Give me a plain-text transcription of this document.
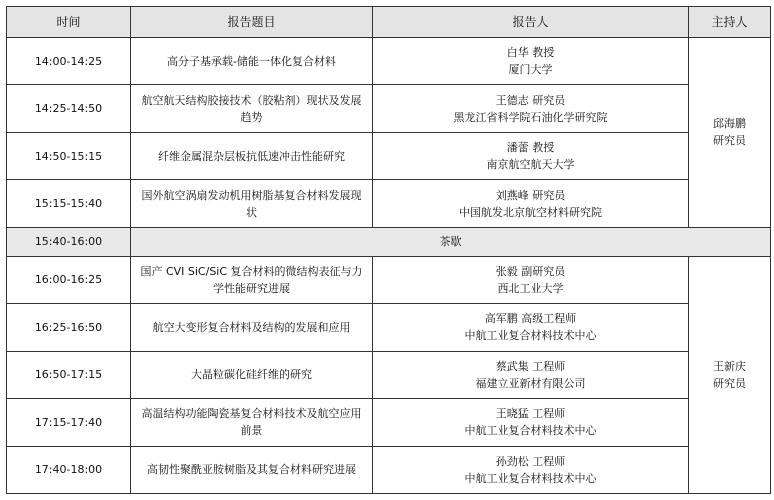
时间	报告题目	报告人	主持人
14:00-14:25	高分子基承载-储能一体化复合材料	白华 教授
厦门大学	邱海鹏
研究员

14:25-14:50	航空航天结构胶接技术（胶粘剂）现状及发展趋势	王德志 研究员
黑龙江省科学院石油化学研究院	

14:50-15:15	纤维金属混杂层板抗低速冲击性能研究	潘蕾 教授
南京航空航天大学	

15:15-15:40	国外航空涡扇发动机用树脂基复合材料发展现状	刘燕峰 研究员
中国航发北京航空材料研究院	

15:40-16:00	茶歇		
16:00-16:25	国产 CVI SiC/SiC 复合材料的微结构表征与力学性能研究进展	张毅 副研究员
西北工业大学	王新庆
研究员

16:25-16:50	航空大变形复合材料及结构的发展和应用	高军鹏 高级工程师
中航工业复合材料技术中心	

16:50-17:15	大晶粒碳化硅纤维的研究	蔡武集 工程师
福建立亚新材有限公司	

17:15-17:40	高温结构功能陶瓷基复合材料技术及航空应用前景	王晓猛 工程师
中航工业复合材料技术中心	

17:40-18:00	高韧性聚酰亚胺树脂及其复合材料研究进展	孙劲松 工程师
中航工业复合材料技术中心	
